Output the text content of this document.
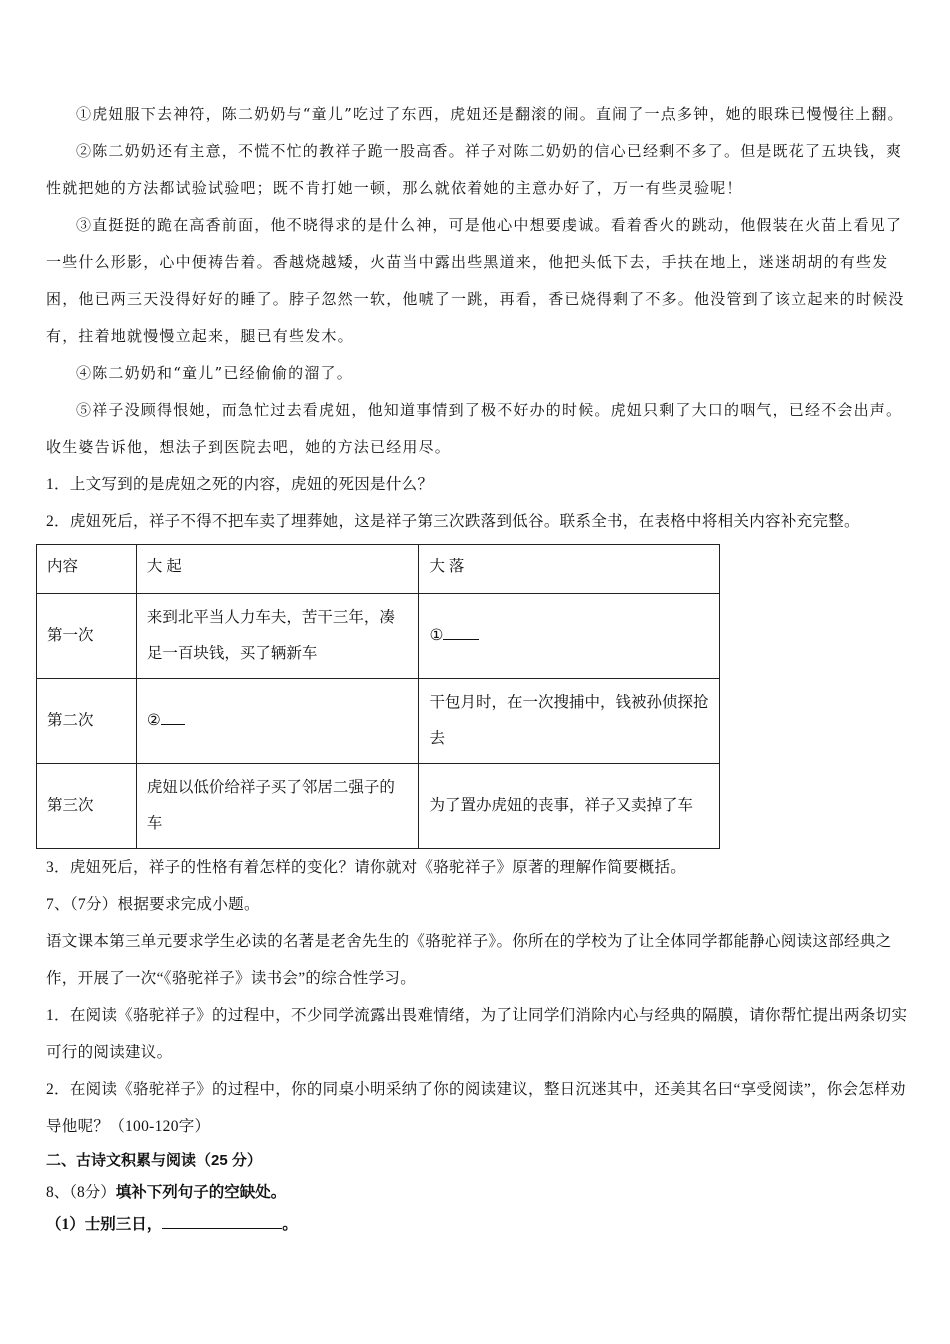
①虎妞服下去神符，陈二奶奶与“童儿”吃过了东西，虎妞还是翻滚的闹。直闹了一点多钟，她的眼珠已慢慢往上翻。

②陈二奶奶还有主意，不慌不忙的教祥子跪一股高香。祥子对陈二奶奶的信心已经剩不多了。但是既花了五块钱，爽性就把她的方法都试验试验吧；既不肯打她一顿，那么就依着她的主意办好了，万一有些灵验呢！

③直挺挺的跪在高香前面，他不晓得求的是什么神，可是他心中想要虔诚。看着香火的跳动，他假装在火苗上看见了一些什么形影，心中便祷告着。香越烧越矮，火苗当中露出些黑道来，他把头低下去，手扶在地上，迷迷胡胡的有些发困，他已两三天没得好好的睡了。脖子忽然一软，他唬了一跳，再看，香已烧得剩了不多。他没管到了该立起来的时候没有，拄着地就慢慢立起来，腿已有些发木。

④陈二奶奶和“童儿”已经偷偷的溜了。

⑤祥子没顾得恨她，而急忙过去看虎妞，他知道事情到了极不好办的时候。虎妞只剩了大口的咽气，已经不会出声。收生婆告诉他，想法子到医院去吧，她的方法已经用尽。

1．上文写到的是虎妞之死的内容，虎妞的死因是什么？

2．虎妞死后，祥子不得不把车卖了埋葬她，这是祥子第三次跌落到低谷。联系全书，在表格中将相关内容补充完整。

内容	大 起	大 落
第一次	来到北平当人力车夫，苦干三年，凑足一百块钱，买了辆新车	①
第二次	②	干包月时，在一次搜捕中，钱被孙侦探抢去
第三次	虎妞以低价给祥子买了邻居二强子的车	为了置办虎妞的丧事，祥子又卖掉了车

3．虎妞死后，祥子的性格有着怎样的变化？请你就对《骆驼祥子》原著的理解作简要概括。

7、（7分）根据要求完成小题。

语文课本第三单元要求学生必读的名著是老舍先生的《骆驼祥子》。你所在的学校为了让全体同学都能静心阅读这部经典之作，开展了一次“《骆驼祥子》读书会”的综合性学习。

1．在阅读《骆驼祥子》的过程中，不少同学流露出畏难情绪，为了让同学们消除内心与经典的隔膜，请你帮忙提出两条切实可行的阅读建议。

2．在阅读《骆驼祥子》的过程中，你的同桌小明采纳了你的阅读建议，整日沉迷其中，还美其名曰“享受阅读”，你会怎样劝导他呢？（100-120字）

二、古诗文积累与阅读（25 分）

8、（8分）填补下列句子的空缺处。

（1）士别三日，	。
